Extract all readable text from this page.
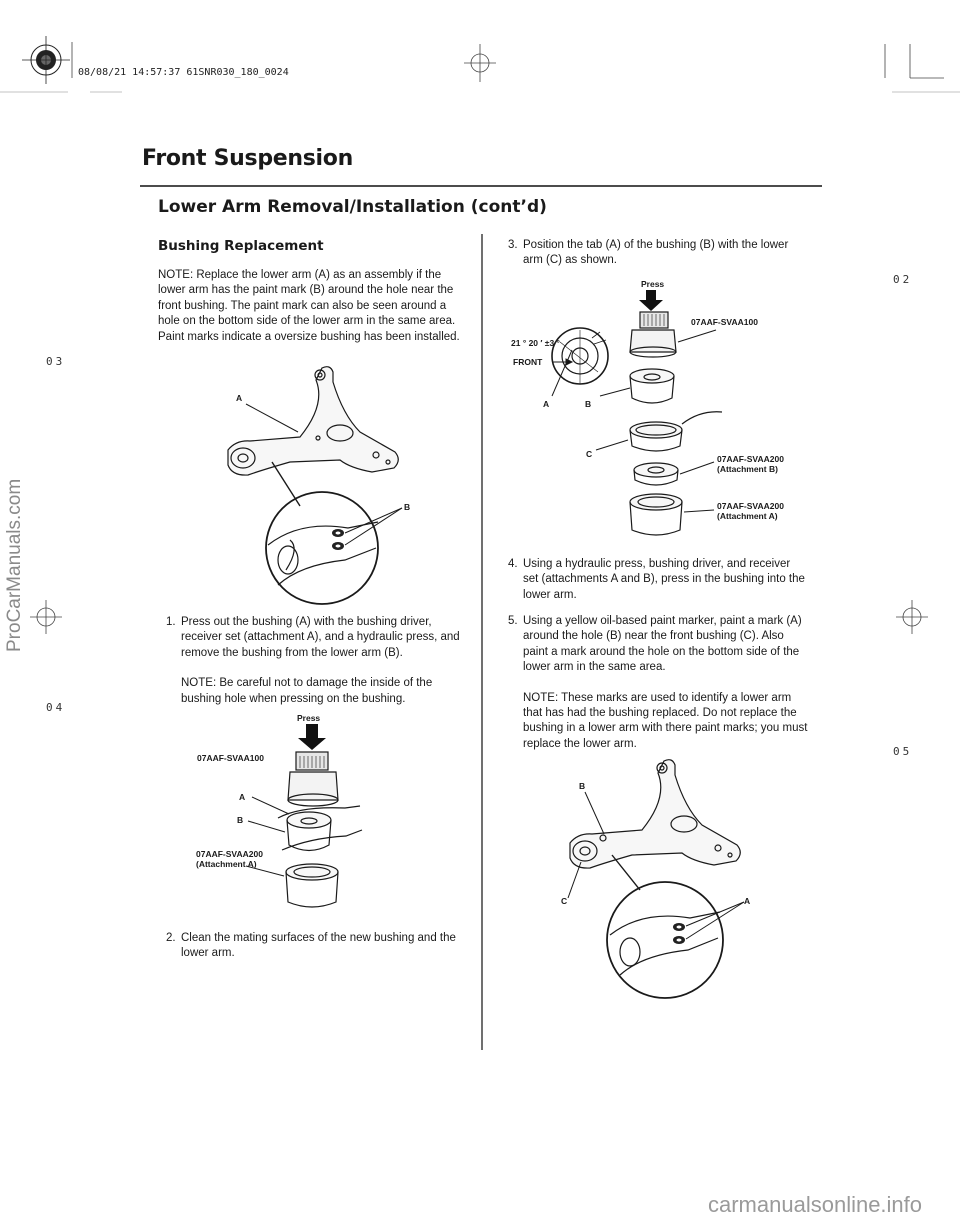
08/08/21 14:57:37 61SNR030_180_0024
Front Suspension
Lower Arm Removal/Installation (cont’d)
Bushing Replacement
NOTE: Replace the lower arm (A) as an assembly if the lower arm has the paint mark (B) around the hole near the front bushing. The paint mark can also be seen around a hole on the bottom side of the lower arm in the same area. Paint marks indicate a oversize bushing has been installed.
A
B
1. Press out the bushing (A) with the bushing driver, receiver set (attachment A), and a hydraulic press, and remove the bushing from the lower arm (B).
NOTE: Be careful not to damage the inside of the bushing hole when pressing on the bushing.
Press
07AAF-SVAA100
A
B
07AAF-SVAA200
(Attachment A)
2. Clean the mating surfaces of the new bushing and the lower arm.
3. Position the tab (A) of the bushing (B) with the lower arm (C) as shown.
Press
07AAF-SVAA100
21 ° 20 ′ ±3 °
FRONT
A	B
C	07AAF-SVAA200
(Attachment B)
07AAF-SVAA200
(Attachment A)
4. Using a hydraulic press, bushing driver, and receiver set (attachments A and B), press in the bushing into the lower arm.
5. Using a yellow oil-based paint marker, paint a mark (A) around the hole (B) near the front bushing (C). Also paint a mark around the hole on the bottom side of the lower arm in the same area.
NOTE: These marks are used to identify a lower arm that has had the bushing replaced. Do not replace the bushing in a lower arm with there paint marks; you must replace the lower arm.
B
C	A
02
03
04
05
ProCarManuals.com
carmanualsonline.info
